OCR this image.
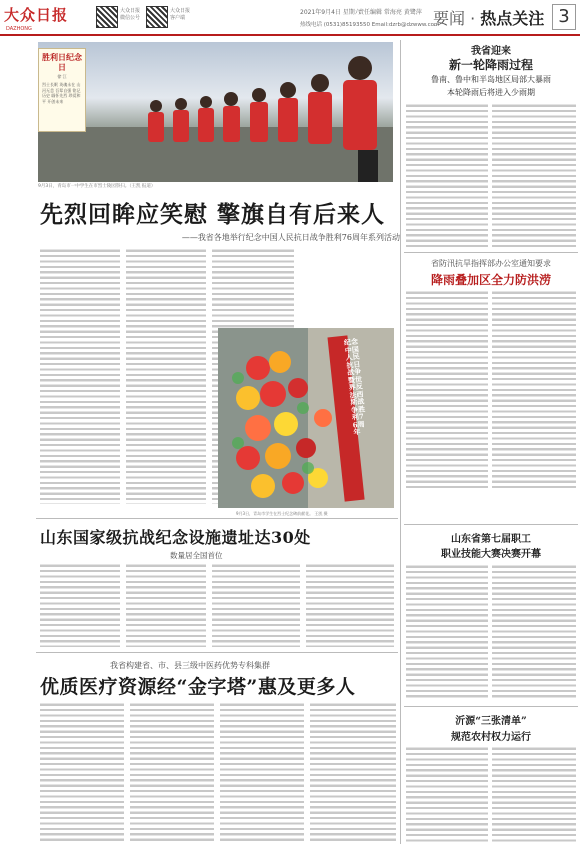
大众日报
DAZHONG
大众日报 微信公号
大众日报 客户端
2021年9月4日 星期六
责任编辑 常海亮 黄鹭萍
热线电话 (0531)85193550 Email:dzrb@dzwww.com
要闻 · 热点关注 3
胜利日纪念日
徐 江
烈士长眠 英魂永在 山河无恙 吾辈自强 铭记历史 缅怀先烈 珍爱和平 开创未来
9月3日，青岛市一中学生在市烈士陵园祭扫。（王凯 报道）
先烈回眸应笑慰 擎旗自有后来人
——我省各地举行纪念中国人民抗日战争胜利76周年系列活动
纪念中国人民抗日战争暨世界反法西斯战争胜利76周年
9月3日，青岛市学生在烈士纪念碑前献花。 王凯 摄
山东国家级抗战纪念设施遗址达30处
数量居全国首位
我省构建省、市、县三级中医药优势专科集群
优质医疗资源经“金字塔”惠及更多人
我省迎来
新一轮降雨过程
鲁南、鲁中和半岛地区局部大暴雨
本轮降雨后将进入少雨期
省防汛抗旱指挥部办公室通知要求
降雨叠加区全力防洪涝
山东省第七届职工
职业技能大赛决赛开幕
沂源“三张清单”
规范农村权力运行
